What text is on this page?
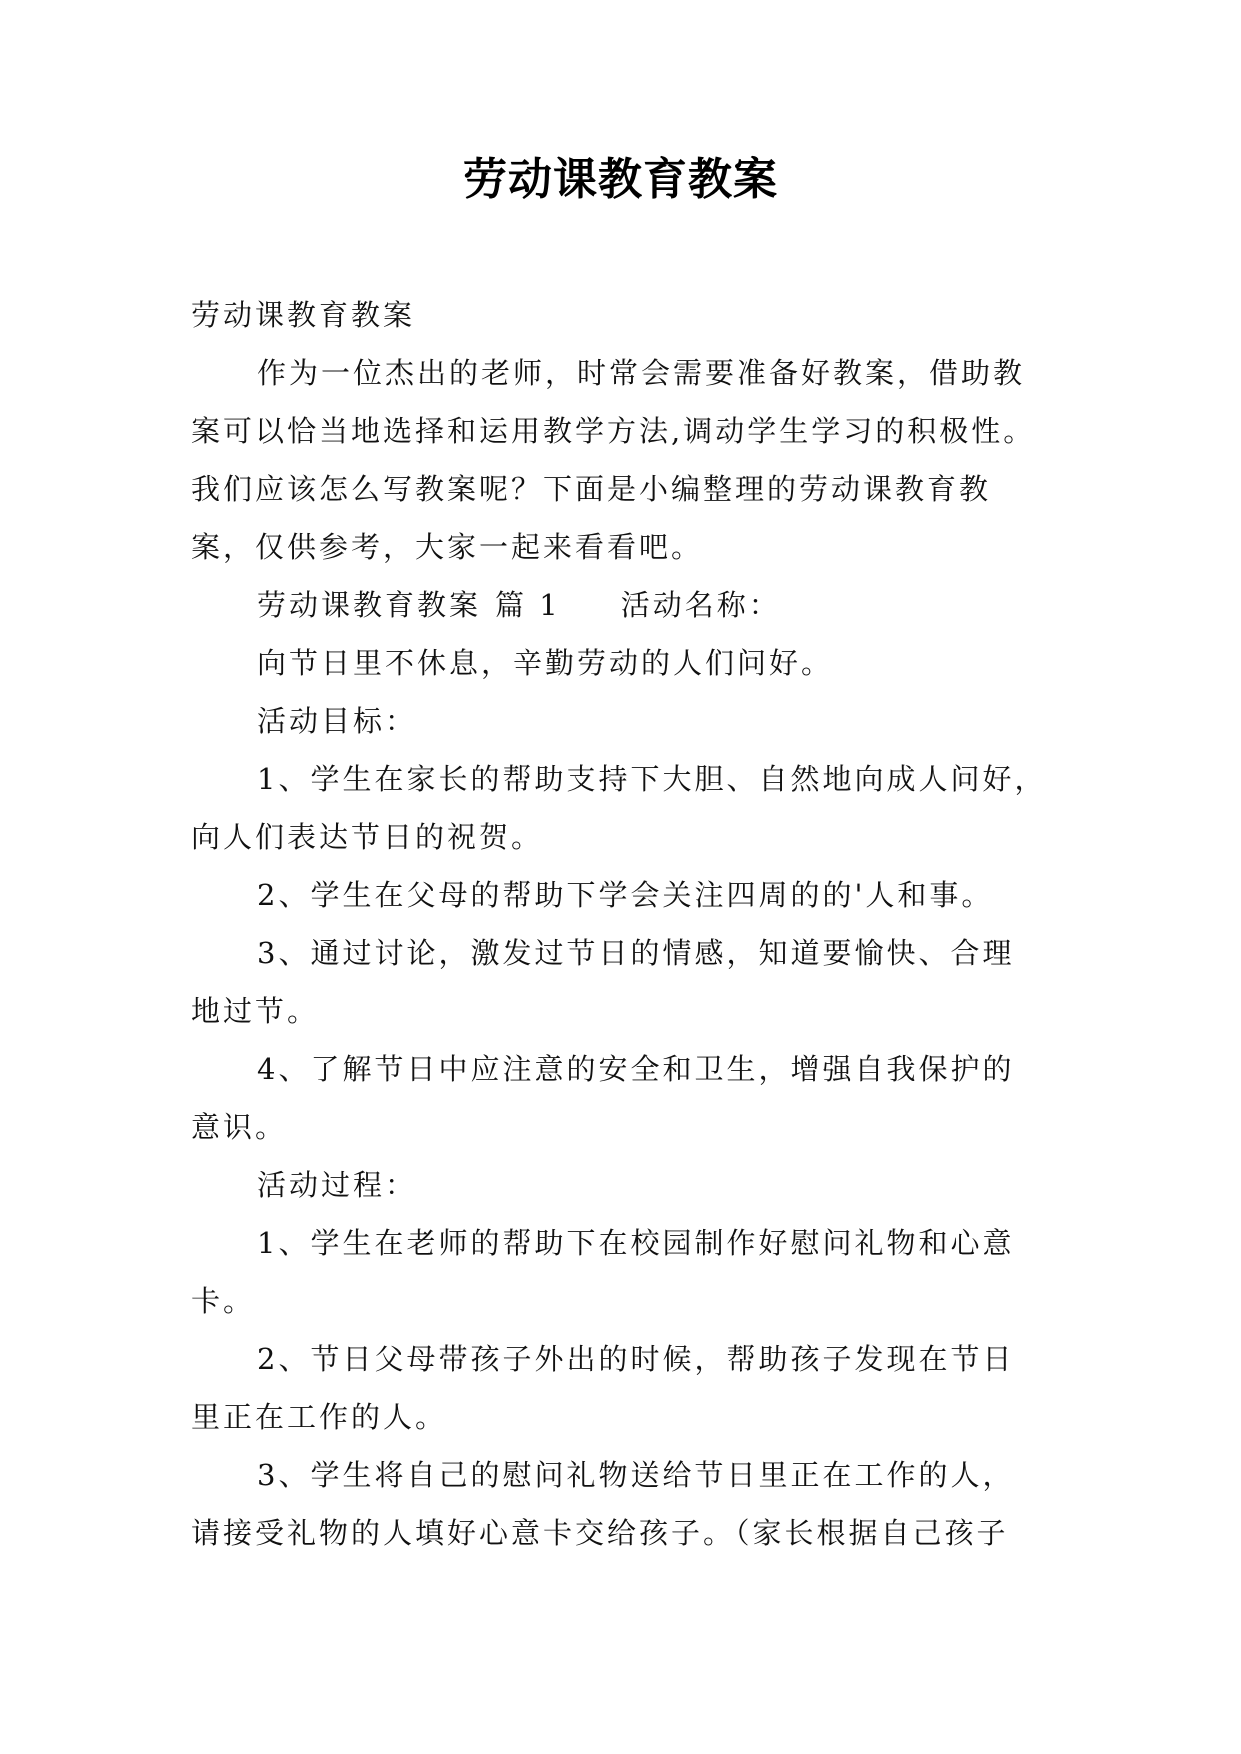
劳动课教育教案
劳动课教育教案
作为一位杰出的老师，时常会需要准备好教案，借助教
案可以恰当地选择和运用教学方法,调动学生学习的积极性。
我们应该怎么写教案呢？下面是小编整理的劳动课教育教
案，仅供参考，大家一起来看看吧。
劳动课教育教案 篇 1 活动名称：
向节日里不休息，辛勤劳动的人们问好。
活动目标：
1、学生在家长的帮助支持下大胆、自然地向成人问好，
向人们表达节日的祝贺。
2、学生在父母的帮助下学会关注四周的的'人和事。
3、通过讨论，激发过节日的情感，知道要愉快、合理
地过节。
4、了解节日中应注意的安全和卫生，增强自我保护的
意识。
活动过程：
1、学生在老师的帮助下在校园制作好慰问礼物和心意
卡。
2、节日父母带孩子外出的时候，帮助孩子发现在节日
里正在工作的人。
3、学生将自己的慰问礼物送给节日里正在工作的人，
请接受礼物的人填好心意卡交给孩子。（家长根据自己孩子
